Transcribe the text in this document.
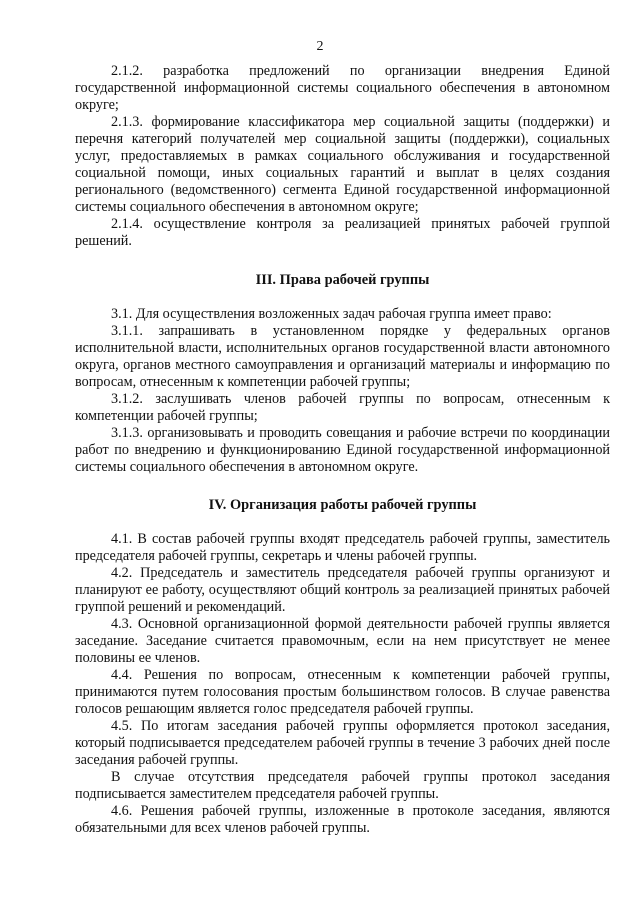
2

2.1.2. разработка предложений по организации внедрения Единой государственной информационной системы социального обеспечения в автономном округе;

2.1.3. формирование классификатора мер социальной защиты (поддержки) и перечня категорий получателей мер социальной защиты (поддержки), социальных услуг, предоставляемых в рамках социального обслуживания и государственной социальной помощи, иных социальных гарантий и выплат в целях создания регионального (ведомственного) сегмента Единой государственной информационной системы социального обеспечения в автономном округе;

2.1.4. осуществление контроля за реализацией принятых рабочей группой решений.

III. Права рабочей группы

3.1. Для осуществления возложенных задач рабочая группа имеет право:

3.1.1. запрашивать в установленном порядке у федеральных органов исполнительной власти, исполнительных органов государственной власти автономного округа, органов местного самоуправления и организаций материалы и информацию по вопросам, отнесенным к компетенции рабочей группы;

3.1.2. заслушивать членов рабочей группы по вопросам, отнесенным к компетенции рабочей группы;

3.1.3. организовывать и проводить совещания и рабочие встречи по координации работ по внедрению и функционированию Единой государственной информационной системы социального обеспечения в автономном округе.

IV. Организация работы рабочей группы

4.1. В состав рабочей группы входят председатель рабочей группы, заместитель председателя рабочей группы, секретарь и члены рабочей группы.

4.2. Председатель и заместитель председателя рабочей группы организуют и планируют ее работу, осуществляют общий контроль за реализацией принятых рабочей группой решений и рекомендаций.

4.3. Основной организационной формой деятельности рабочей группы является заседание. Заседание считается правомочным, если на нем присутствует не менее половины ее членов.

4.4. Решения по вопросам, отнесенным к компетенции рабочей группы, принимаются путем голосования простым большинством голосов. В случае равенства голосов решающим является голос председателя рабочей группы.

4.5. По итогам заседания рабочей группы оформляется протокол заседания, который подписывается председателем рабочей группы в течение 3 рабочих дней после заседания рабочей группы.

В случае отсутствия председателя рабочей группы протокол заседания подписывается заместителем председателя рабочей группы.

4.6. Решения рабочей группы, изложенные в протоколе заседания, являются обязательными для всех членов рабочей группы.
